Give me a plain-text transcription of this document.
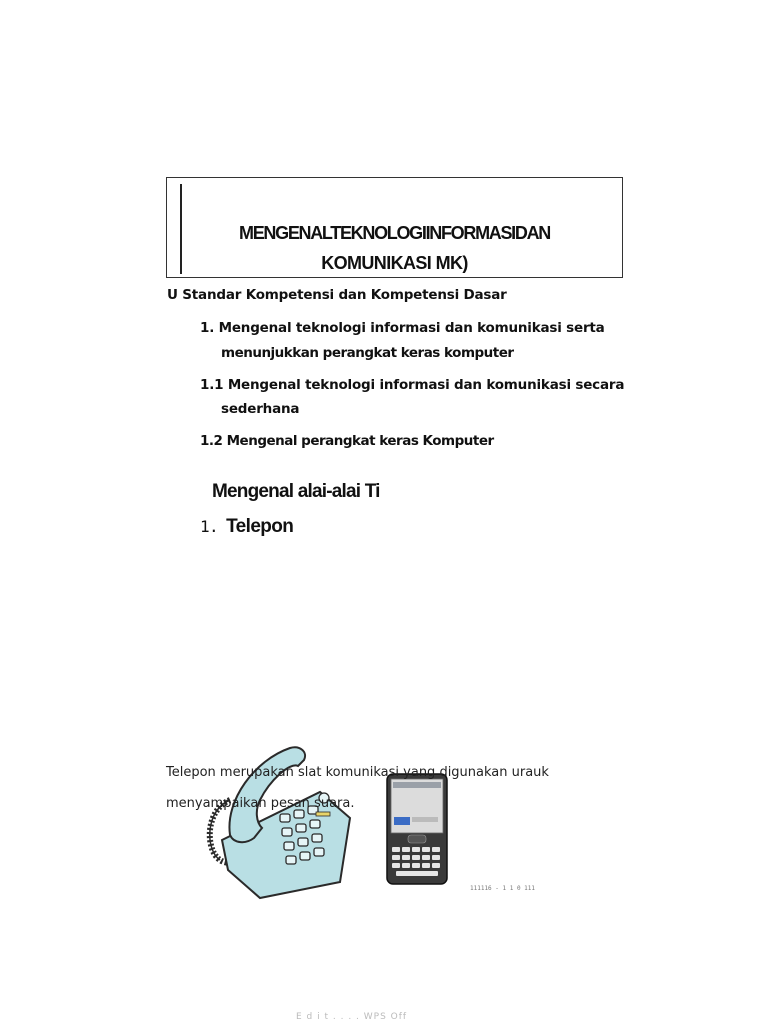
MENGENALTEKNOLOGIINFORMASIDAN
KOMUNIKASI MK)
U Standar Kompetensi dan Kompetensi Dasar
1. Mengenal teknologi informasi dan komunikasi serta
menunjukkan perangkat keras komputer
1.1 Mengenal teknologi informasi dan komunikasi secara
sederhana
1.2 Mengenal perangkat keras Komputer
Mengenal alai-alai Ti
1. Telepon
Telepon merupakan slat komunikasi yang digunakan urauk
menyampaikan pesan suara.
111116 - 1 1 0 111
E d i t . . . . WPS Off
